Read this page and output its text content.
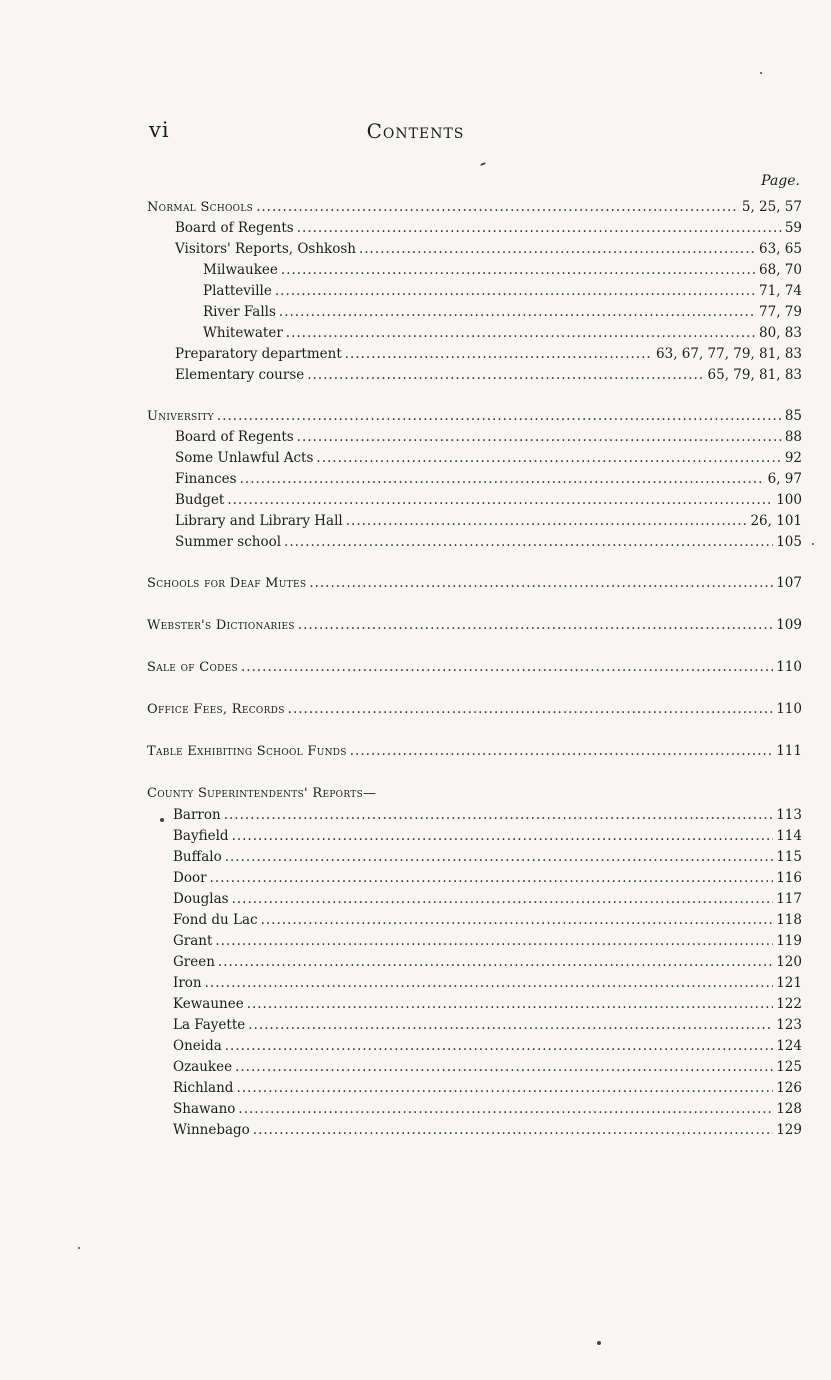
vi	Contents
Page.
Normal Schools .....	5, 25, 57
Board of Regents .....	59
Visitors' Reports, Oshkosh .....	63, 65
Milwaukee .....	68, 70
Platteville .....	71, 74
River Falls .....	77, 79
Whitewater .....	80, 83
Preparatory department .....	63, 67, 77, 79, 81, 83
Elementary course .....	65, 79, 81, 83
University .....	85
Board of Regents .....	88
Some Unlawful Acts .....	92
Finances .....	6, 97
Budget .....	100
Library and Library Hall .....	26, 101
Summer school .....	105
Schools for Deaf Mutes .....	107
Webster's Dictionaries .....	109
Sale of Codes .....	110
Office Fees, Records .....	110
Table Exhibiting School Funds .....	111
County Superintendents' Reports—
Barron .....	113
Bayfield .....	114
Buffalo .....	115
Door .....	116
Douglas .....	117
Fond du Lac .....	118
Grant .....	119
Green .....	120
Iron .....	121
Kewaunee .....	122
La Fayette .....	123
Oneida .....	124
Ozaukee .....	125
Richland .....	126
Shawano .....	128
Winnebago .....	129
